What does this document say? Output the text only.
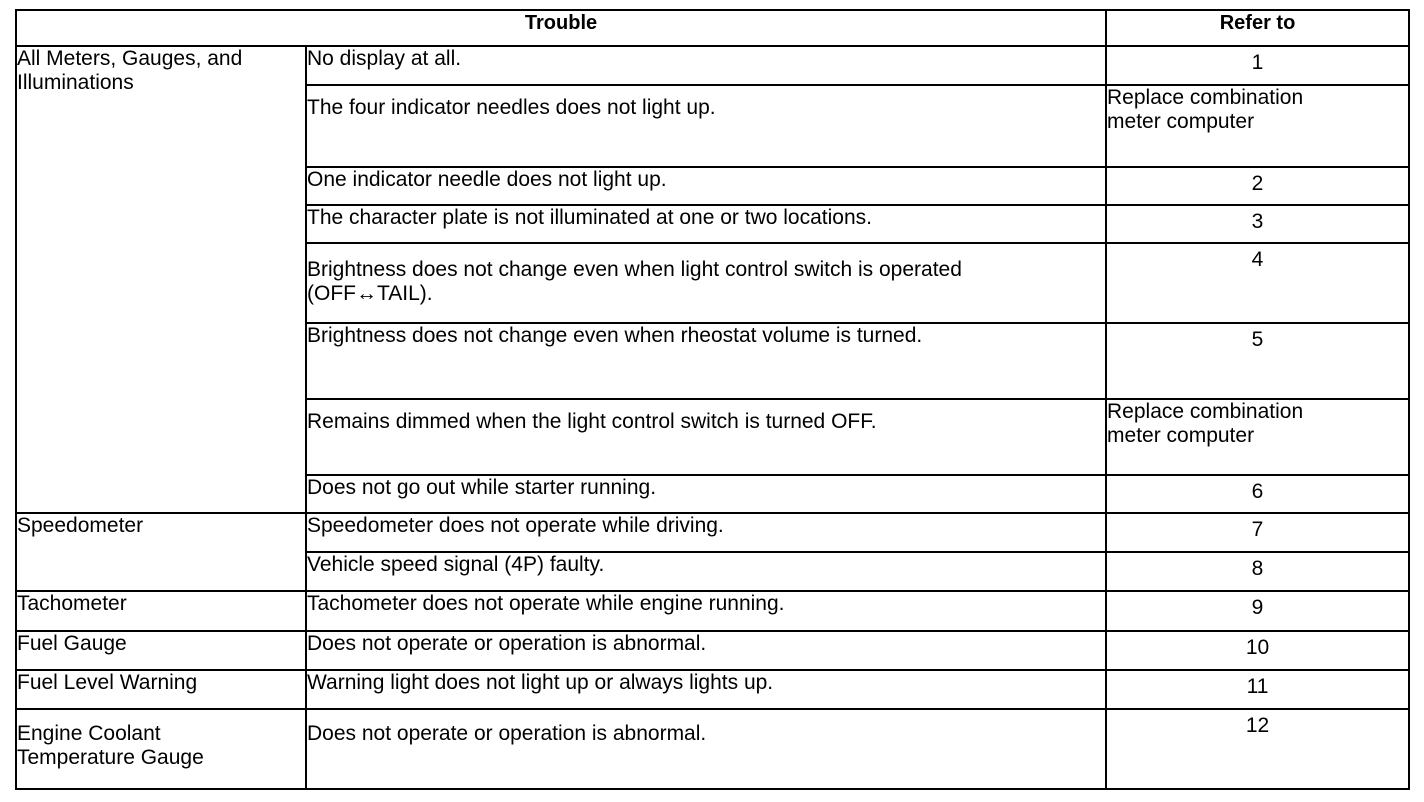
Trouble		Refer to

All Meters, Gauges, and Illuminations	No display at all.	1
	The four indicator needles does not light up.	Replace combination meter computer

	One indicator needle does not light up.	2
	The character plate is not illuminated at one or two locations.	3

	Brightness does not change even when light control switch is operated (OFF↔TAIL).	4
	Brightness does not change even when rheostat volume is turned.	5
	Remains dimmed when the light control switch is turned OFF.	Replace combination meter computer

	Does not go out while starter running.	6
Speedometer	Speedometer does not operate while driving.	7
	Vehicle speed signal (4P) faulty.	8
Tachometer	Tachometer does not operate while engine running.	9
Fuel Gauge	Does not operate or operation is abnormal.	10
Fuel Level Warning	Warning light does not light up or always lights up.	11

Engine Coolant Temperature Gauge	Does not operate or operation is abnormal.	12
